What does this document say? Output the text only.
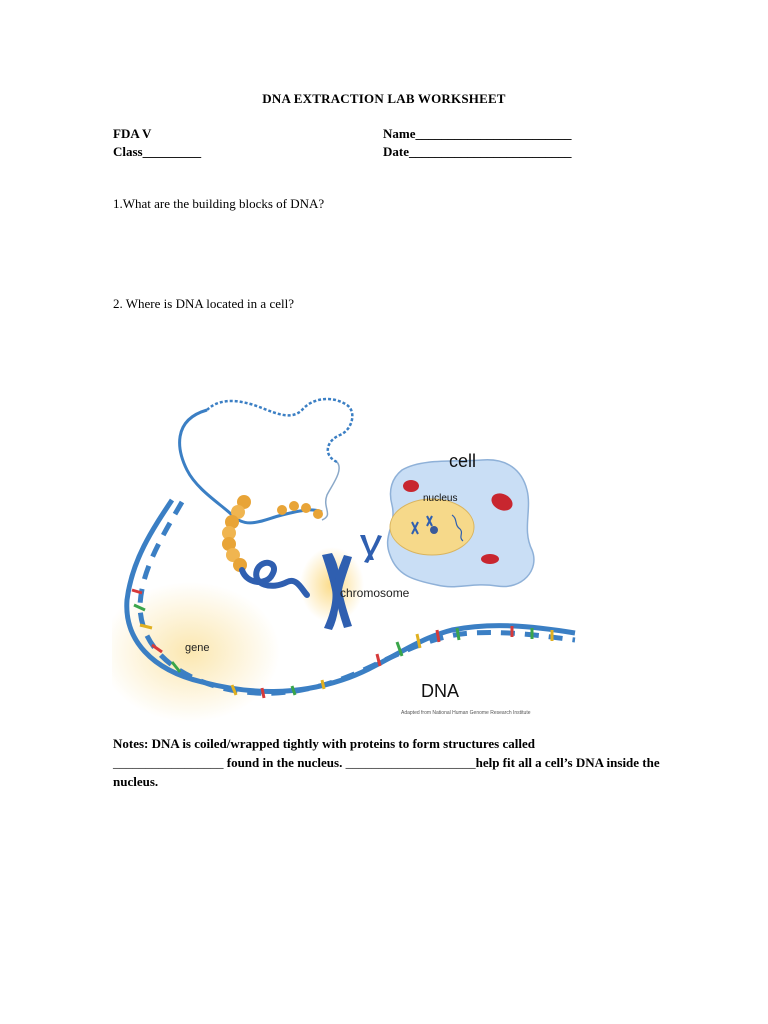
DNA EXTRACTION LAB WORKSHEET
FDA V
Class_________
Name________________________
Date_________________________
1.What are the building blocks of DNA?
2. Where is DNA located in a cell?
chromosome
cell
nucleus
gene
DNA
Adapted from National Human Genome Research Institute
Notes: DNA is coiled/wrapped tightly with proteins to form structures called
_________________ found in the nucleus. ____________________help fit all a cell’s DNA inside the nucleus.
